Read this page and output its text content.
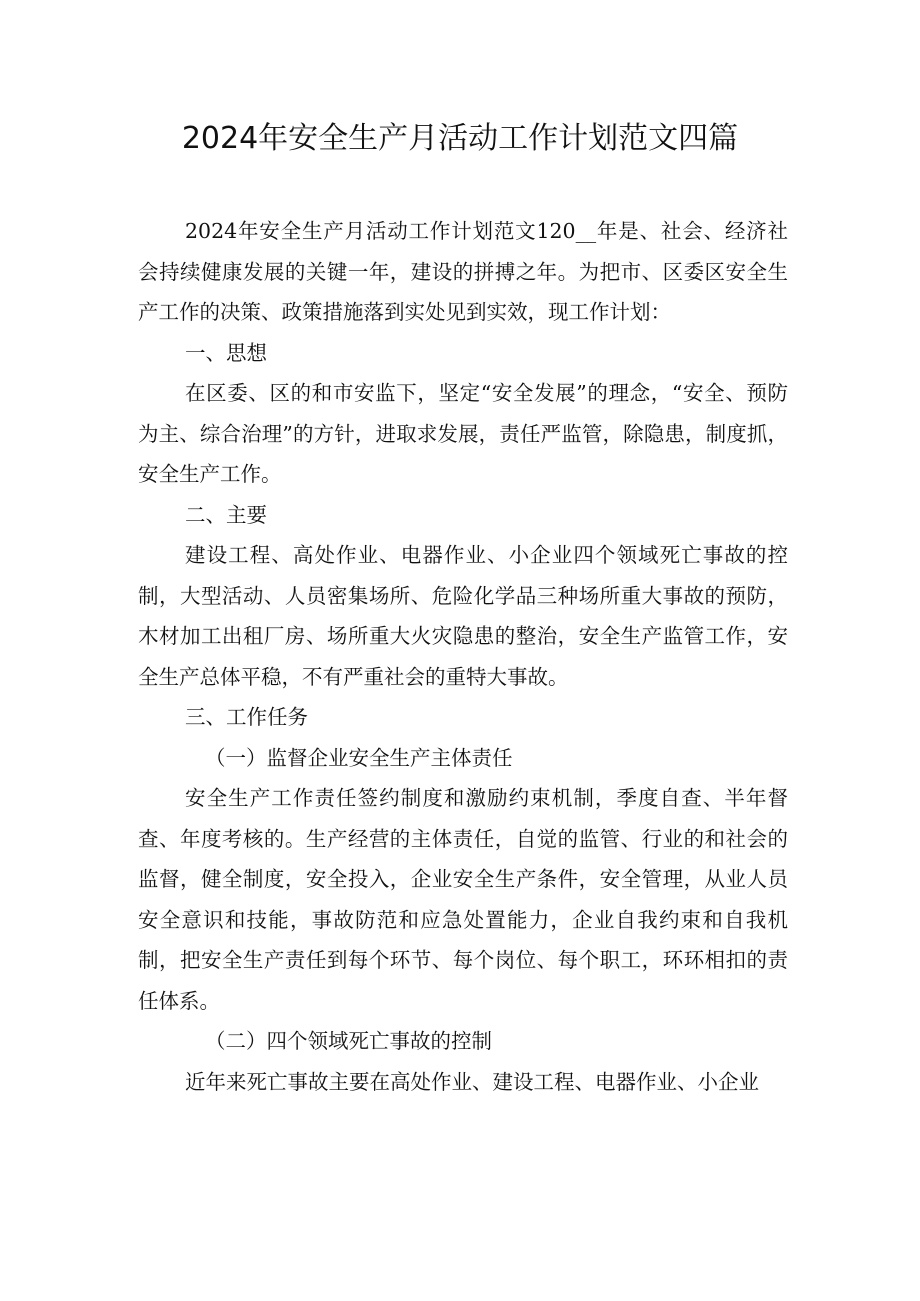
2024年安全生产月活动工作计划范文四篇

2024年安全生产月活动工作计划范文120__年是、社会、经济社会持续健康发展的关键一年，建设的拼搏之年。为把市、区委区安全生产工作的决策、政策措施落到实处见到实效，现工作计划：

一、思想

在区委、区的和市安监下，坚定“安全发展”的理念，“安全、预防为主、综合治理”的方针，进取求发展，责任严监管，除隐患，制度抓，安全生产工作。

二、主要

建设工程、高处作业、电器作业、小企业四个领域死亡事故的控制，大型活动、人员密集场所、危险化学品三种场所重大事故的预防，木材加工出租厂房、场所重大火灾隐患的整治，安全生产监管工作，安全生产总体平稳，不有严重社会的重特大事故。

三、工作任务

（一）监督企业安全生产主体责任

安全生产工作责任签约制度和激励约束机制，季度自查、半年督查、年度考核的。生产经营的主体责任，自觉的监管、行业的和社会的监督，健全制度，安全投入，企业安全生产条件，安全管理，从业人员安全意识和技能，事故防范和应急处置能力，企业自我约束和自我机制，把安全生产责任到每个环节、每个岗位、每个职工，环环相扣的责任体系。

（二）四个领域死亡事故的控制

近年来死亡事故主要在高处作业、建设工程、电器作业、小企业
